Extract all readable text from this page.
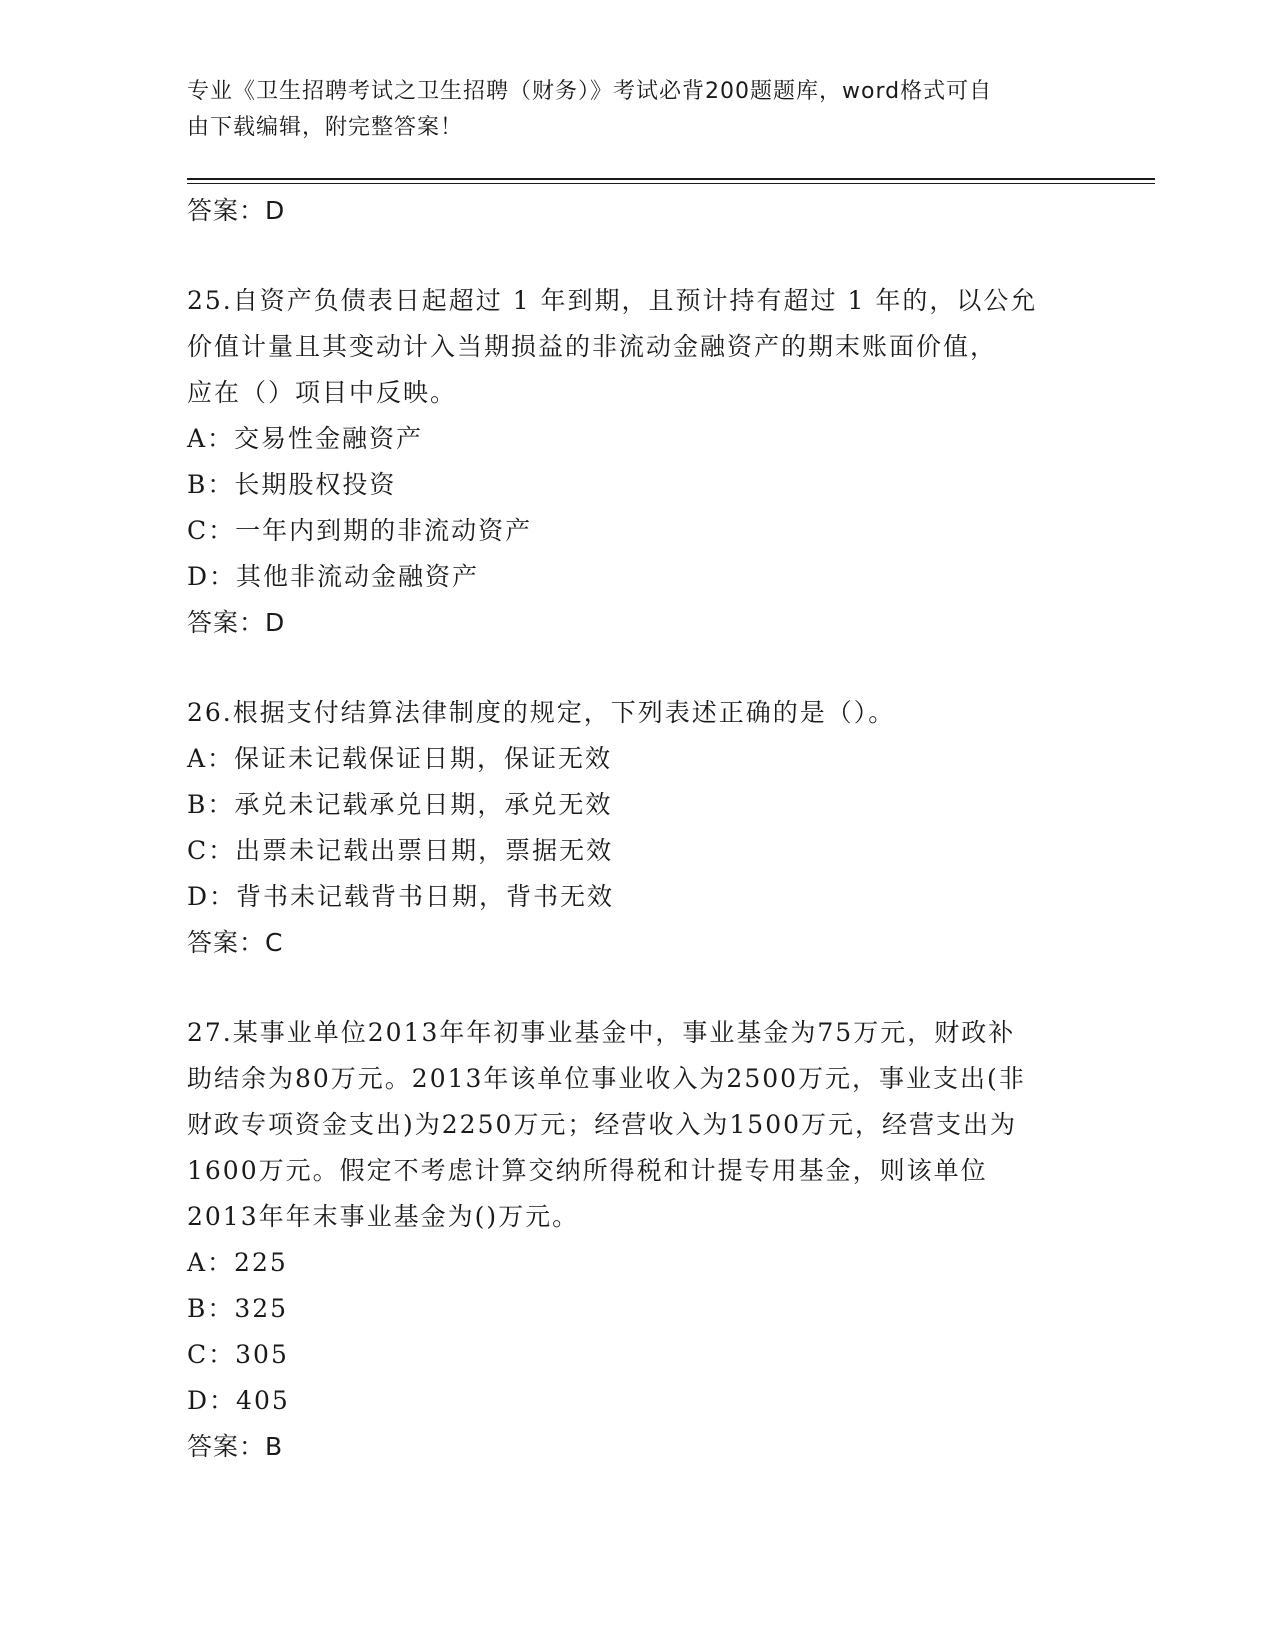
专业《卫生招聘考试之卫生招聘（财务）》考试必背200题题库，word格式可自
由下载编辑，附完整答案！
答案：D
25.自资产负债表日起超过 1 年到期，且预计持有超过 1 年的，以公允
价值计量且其变动计入当期损益的非流动金融资产的期末账面价值，
应在（）项目中反映。
A：交易性金融资产
B：长期股权投资
C：一年内到期的非流动资产
D：其他非流动金融资产
答案：D
26.根据支付结算法律制度的规定，下列表述正确的是（）。
A：保证未记载保证日期，保证无效
B：承兑未记载承兑日期，承兑无效
C：出票未记载出票日期，票据无效
D：背书未记载背书日期，背书无效
答案：C
27.某事业单位2013年年初事业基金中，事业基金为75万元，财政补
助结余为80万元。2013年该单位事业收入为2500万元，事业支出(非
财政专项资金支出)为2250万元；经营收入为1500万元，经营支出为
1600万元。假定不考虑计算交纳所得税和计提专用基金，则该单位
2013年年末事业基金为()万元。
A：225
B：325
C：305
D：405
答案：B
